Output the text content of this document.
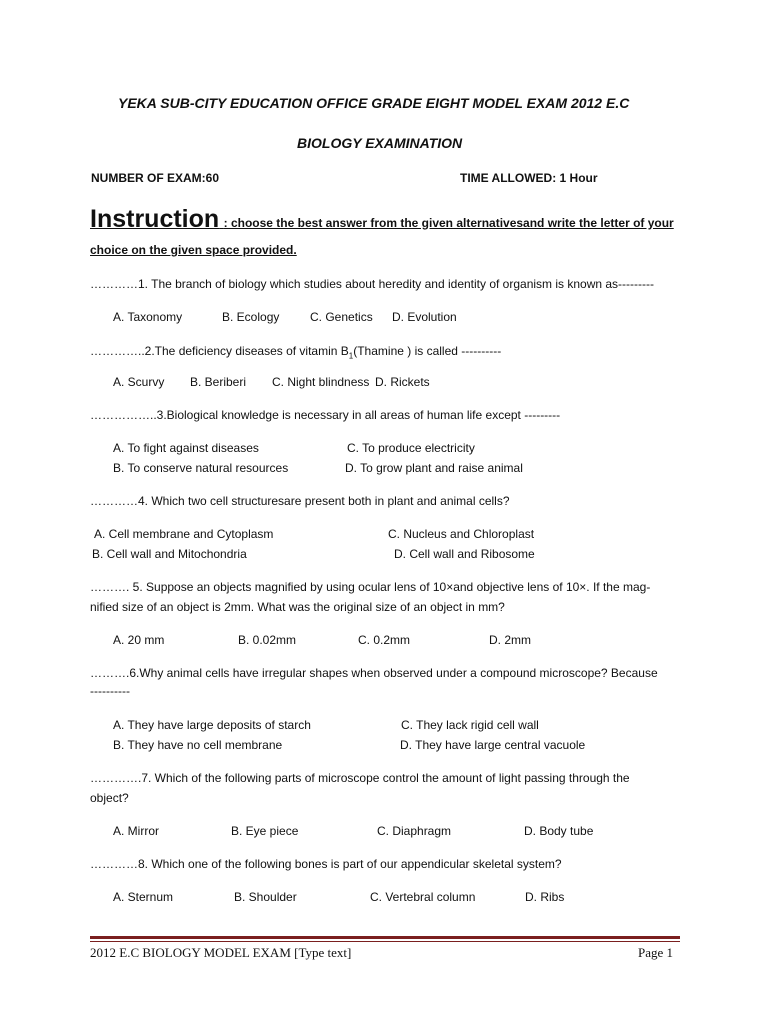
YEKA SUB-CITY EDUCATION OFFICE GRADE EIGHT MODEL EXAM 2012 E.C
BIOLOGY EXAMINATION
NUMBER OF EXAM:60	TIME ALLOWED: 1 Hour
Instruction : choose the best answer from the given alternativesand write the letter of your
choice on the given space provided.
…………1. The branch of biology which studies about heredity and identity of organism is known as---------
A. Taxonomy	B. Ecology	C. Genetics D. Evolution
…………..2.The deficiency diseases of vitamin $B_1(Thamine$ ) is called ----------
A. Scurvy B. Beriberi C. Night blindness D. Rickets
……………..3.Biological knowledge is necessary in all areas of human life except ---------
A. To fight against diseases	C. To produce electricity
B. To conserve natural resources	D. To grow plant and raise animal
…………4. Which two cell structuresare present both in plant and animal cells?
A. Cell membrane and Cytoplasm	C. Nucleus and Chloroplast
B. Cell wall and Mitochondria	D. Cell wall and Ribosome
………. 5. Suppose an objects magnified by using ocular lens of 10×and objective lens of 10×. If the mag-
nified size of an object is 2mm. What was the original size of an object in mm?
A. 20 mm	B. 0.02mm	C. 0.2mm	D. 2mm
……….6.Why animal cells have irregular shapes when observed under a compound microscope? Because
----------
A. They have large deposits of starch	C. They lack rigid cell wall
B. They have no cell membrane	D. They have large central vacuole
………….7. Which of the following parts of microscope control the amount of light passing through the
object?
A. Mirror	B. Eye piece	C. Diaphragm	D. Body tube
…………8. Which one of the following bones is part of our appendicular skeletal system?
A. Sternum	B. Shoulder	C. Vertebral column	D. Ribs
2012 E.C BIOLOGY MODEL EXAM [Type text]	Page 1
